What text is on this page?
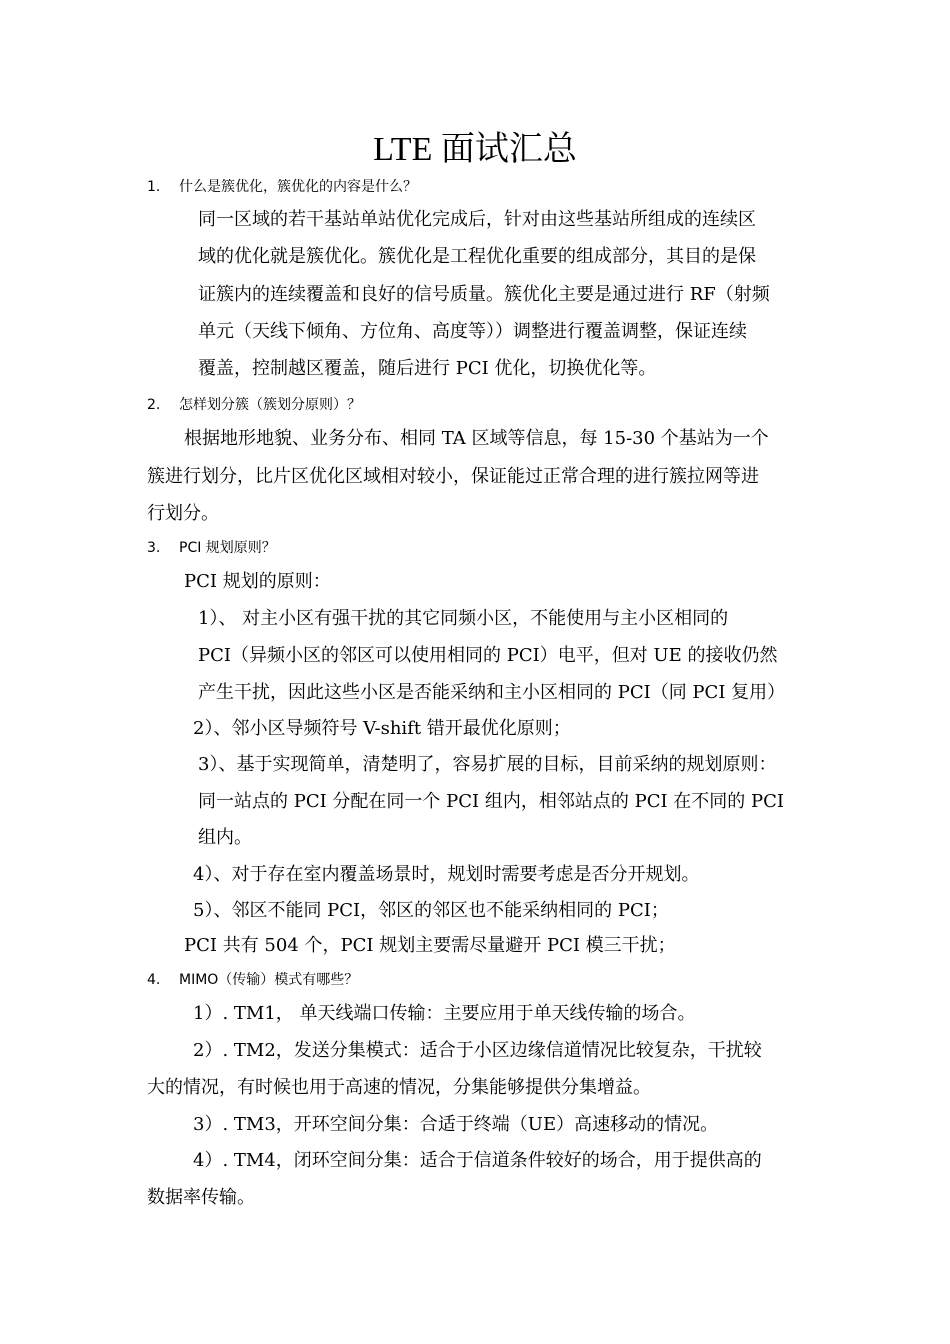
LTE 面试汇总
1. 什么是簇优化，簇优化的内容是什么？
同一区域的若干基站单站优化完成后，针对由这些基站所组成的连续区
域的优化就是簇优化。簇优化是工程优化重要的组成部分，其目的是保
证簇内的连续覆盖和良好的信号质量。簇优化主要是通过进行 RF（射频
单元（天线下倾角、方位角、高度等））调整进行覆盖调整，保证连续
覆盖，控制越区覆盖，随后进行 PCI 优化，切换优化等。
2. 怎样划分簇（簇划分原则）？
根据地形地貌、业务分布、相同 TA 区域等信息，每 15-30 个基站为一个
簇进行划分，比片区优化区域相对较小，保证能过正常合理的进行簇拉网等进
行划分。
3. PCI 规划原则？
PCI 规划的原则：
1）、 对主小区有强干扰的其它同频小区，不能使用与主小区相同的
PCI（异频小区的邻区可以使用相同的 PCI）电平，但对 UE 的接收仍然
产生干扰，因此这些小区是否能采纳和主小区相同的 PCI（同 PCI 复用）
2）、邻小区导频符号 V-shift 错开最优化原则；
3）、基于实现简单，清楚明了，容易扩展的目标，目前采纳的规划原则：
同一站点的 PCI 分配在同一个 PCI 组内，相邻站点的 PCI 在不同的 PCI
组内。
4）、对于存在室内覆盖场景时，规划时需要考虑是否分开规划。
5）、邻区不能同 PCI，邻区的邻区也不能采纳相同的 PCI；
PCI 共有 504 个，PCI 规划主要需尽量避开 PCI 模三干扰；
4. MIMO（传输）模式有哪些？
1）. TM1， 单天线端口传输：主要应用于单天线传输的场合。
2）. TM2，发送分集模式：适合于小区边缘信道情况比较复杂，干扰较
大的情况，有时候也用于高速的情况，分集能够提供分集增益。
3）. TM3，开环空间分集：合适于终端（UE）高速移动的情况。
4）. TM4，闭环空间分集：适合于信道条件较好的场合，用于提供高的
数据率传输。
